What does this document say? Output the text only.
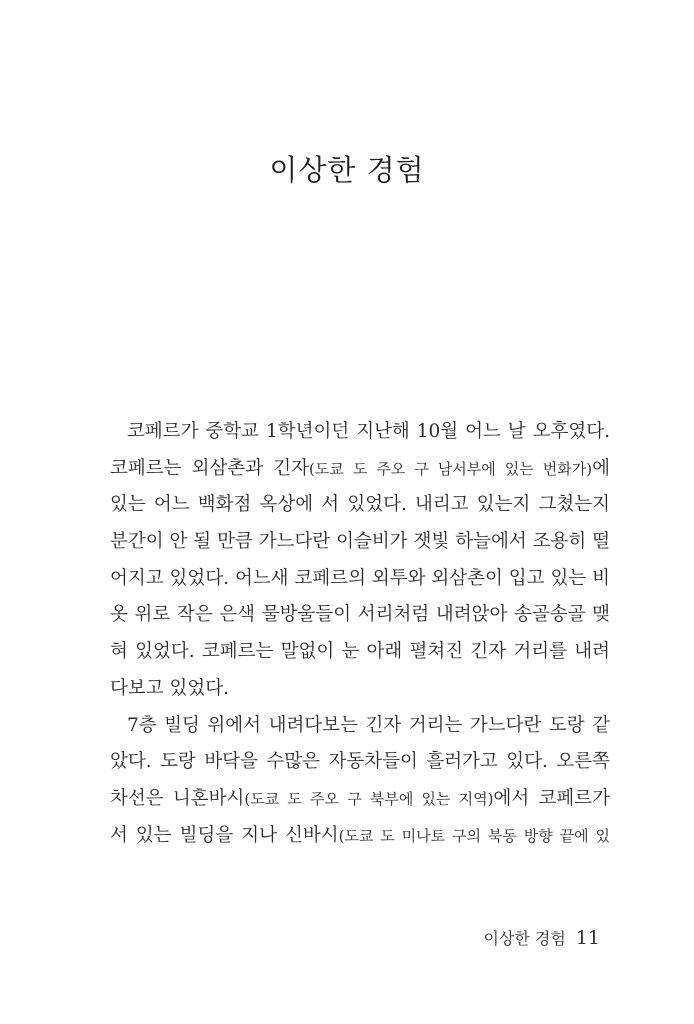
이상한 경험
코페르가 중학교 1학년이던 지난해 10월 어느 날 오후였다.
코페르는 외삼촌과 긴자(도쿄 도 주오 구 남서부에 있는 번화가)에
있는 어느 백화점 옥상에 서 있었다. 내리고 있는지 그쳤는지
분간이 안 될 만큼 가느다란 이슬비가 잿빛 하늘에서 조용히 떨
어지고 있었다. 어느새 코페르의 외투와 외삼촌이 입고 있는 비
옷 위로 작은 은색 물방울들이 서리처럼 내려앉아 송골송골 맺
혀 있었다. 코페르는 말없이 눈 아래 펼쳐진 긴자 거리를 내려
다보고 있었다.
7층 빌딩 위에서 내려다보는 긴자 거리는 가느다란 도랑 같
았다. 도랑 바닥을 수많은 자동차들이 흘러가고 있다. 오른쪽
차선은 니혼바시(도쿄 도 주오 구 북부에 있는 지역)에서 코페르가
서 있는 빌딩을 지나 신바시(도쿄 도 미나토 구의 북동 방향 끝에 있
이상한 경험 11
